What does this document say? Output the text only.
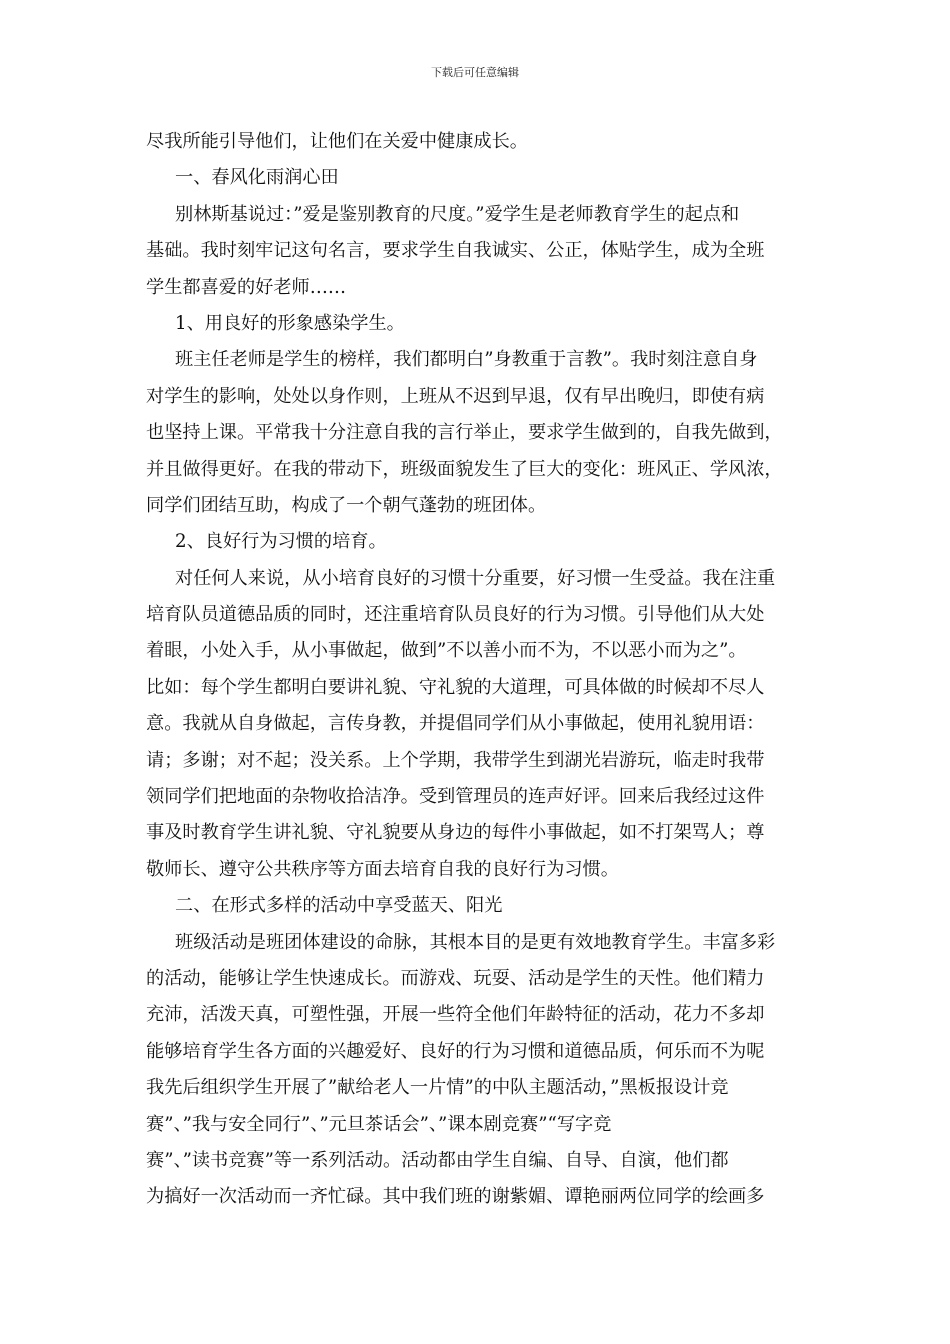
下载后可任意编辑
尽我所能引导他们，让他们在关爱中健康成长。
一、春风化雨润心田
别林斯基说过：”爱是鉴别教育的尺度。”爱学生是老师教育学生的起点和
基础。我时刻牢记这句名言，要求学生自我诚实、公正，体贴学生，成为全班
学生都喜爱的好老师……
1、用良好的形象感染学生。
班主任老师是学生的榜样，我们都明白”身教重于言教”。我时刻注意自身
对学生的影响，处处以身作则，上班从不迟到早退，仅有早出晚归，即使有病
也坚持上课。平常我十分注意自我的言行举止，要求学生做到的，自我先做到，
并且做得更好。在我的带动下，班级面貌发生了巨大的变化：班风正、学风浓，
同学们团结互助，构成了一个朝气蓬勃的班团体。
2、良好行为习惯的培育。
对任何人来说，从小培育良好的习惯十分重要，好习惯一生受益。我在注重
培育队员道德品质的同时，还注重培育队员良好的行为习惯。引导他们从大处
着眼，小处入手，从小事做起，做到”不以善小而不为，不以恶小而为之”。
比如：每个学生都明白要讲礼貌、守礼貌的大道理，可具体做的时候却不尽人
意。我就从自身做起，言传身教，并提倡同学们从小事做起，使用礼貌用语：
请；多谢；对不起；没关系。上个学期，我带学生到湖光岩游玩，临走时我带
领同学们把地面的杂物收拾洁净。受到管理员的连声好评。回来后我经过这件
事及时教育学生讲礼貌、守礼貌要从身边的每件小事做起，如不打架骂人；尊
敬师长、遵守公共秩序等方面去培育自我的良好行为习惯。
二、在形式多样的活动中享受蓝天、阳光
班级活动是班团体建设的命脉，其根本目的是更有效地教育学生。丰富多彩
的活动，能够让学生快速成长。而游戏、玩耍、活动是学生的天性。他们精力
充沛，活泼天真，可塑性强，开展一些符全他们年龄特征的活动，花力不多却
能够培育学生各方面的兴趣爱好、良好的行为习惯和道德品质，何乐而不为呢
我先后组织学生开展了”献给老人一片情”的中队主题活动，”黑板报设计竞
赛”、”我与安全同行”、”元旦茶话会”、”课本剧竞赛”“写字竞
赛”、”读书竞赛”等一系列活动。活动都由学生自编、自导、自演，他们都
为搞好一次活动而一齐忙碌。其中我们班的谢紫媚、谭艳丽两位同学的绘画多
